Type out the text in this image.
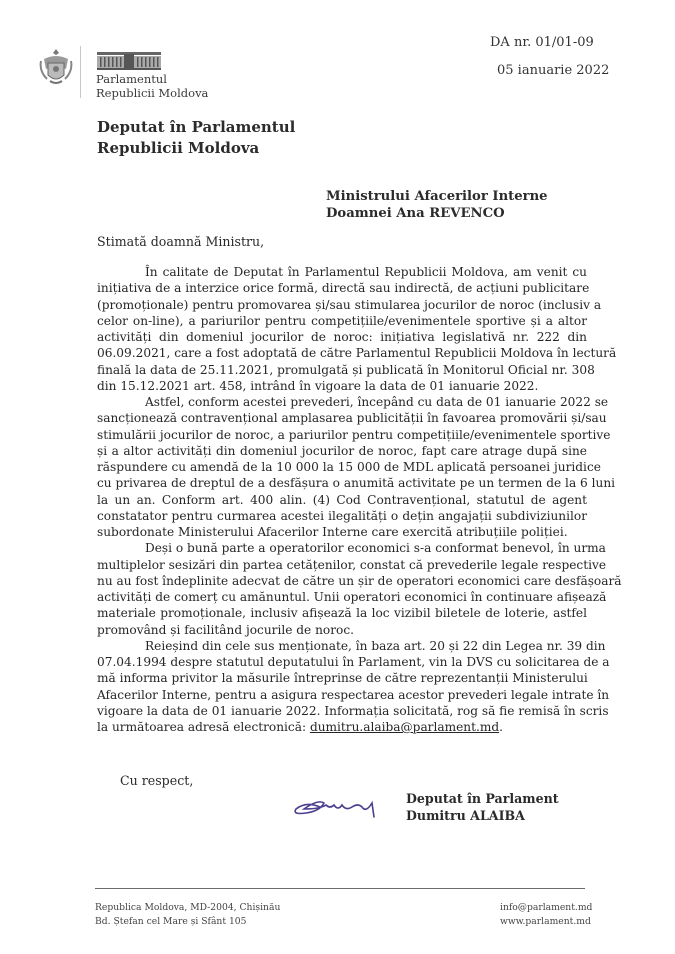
Parlamentul
Republicii Moldova
DA nr. 01/01-09
05 ianuarie 2022
Deputat în Parlamentul
Republicii Moldova
Ministrului Afacerilor Interne
Doamnei Ana REVENCO
Stimată doamnă Ministru,

În calitate de Deputat în Parlamentul Republicii Moldova, am venit cu
inițiativa de a interzice orice formă, directă sau indirectă, de acțiuni publicitare
(promoționale) pentru promovarea și/sau stimularea jocurilor de noroc (inclusiv a
celor on-line), a pariurilor pentru competițiile/evenimentele sportive și a altor
activități din domeniul jocurilor de noroc: inițiativa legislativă nr. 222 din
06.09.2021, care a fost adoptată de către Parlamentul Republicii Moldova în lectură
finală la data de 25.11.2021, promulgată și publicată în Monitorul Oficial nr. 308
din 15.12.2021 art. 458, intrând în vigoare la data de 01 ianuarie 2022.

Astfel, conform acestei prevederi, începând cu data de 01 ianuarie 2022 se
sancționează contravențional amplasarea publicității în favoarea promovării și/sau
stimulării jocurilor de noroc, a pariurilor pentru competițiile/evenimentele sportive
și a altor activități din domeniul jocurilor de noroc, fapt care atrage după sine
răspundere cu amendă de la 10 000 la 15 000 de MDL aplicată persoanei juridice
cu privarea de dreptul de a desfășura o anumită activitate pe un termen de la 6 luni
la un an. Conform art. 400 alin. (4) Cod Contravențional, statutul de agent
constatator pentru curmarea acestei ilegalități o dețin angajații subdiviziunilor
subordonate Ministerului Afacerilor Interne care exercită atribuțiile poliției.

Deși o bună parte a operatorilor economici s-a conformat benevol, în urma
multiplelor sesizări din partea cetățenilor, constat că prevederile legale respective
nu au fost îndeplinite adecvat de către un șir de operatori economici care desfășoară
activități de comerț cu amănuntul. Unii operatori economici în continuare afișează
materiale promoționale, inclusiv afișează la loc vizibil biletele de loterie, astfel
promovând și facilitând jocurile de noroc.

Reieșind din cele sus menționate, în baza art. 20 și 22 din Legea nr. 39 din
07.04.1994 despre statutul deputatului în Parlament, vin la DVS cu solicitarea de a
mă informa privitor la măsurile întreprinse de către reprezentanții Ministerului
Afacerilor Interne, pentru a asigura respectarea acestor prevederi legale intrate în
vigoare la data de 01 ianuarie 2022. Informația solicitată, rog să fie remisă în scris
la următoarea adresă electronică: dumitru.alaiba@parlament.md.

Cu respect,
Deputat în Parlament
Dumitru ALAIBA
Republica Moldova, MD-2004, Chișinău
Bd. Ștefan cel Mare și Sfânt 105
info@parlament.md
www.parlament.md
